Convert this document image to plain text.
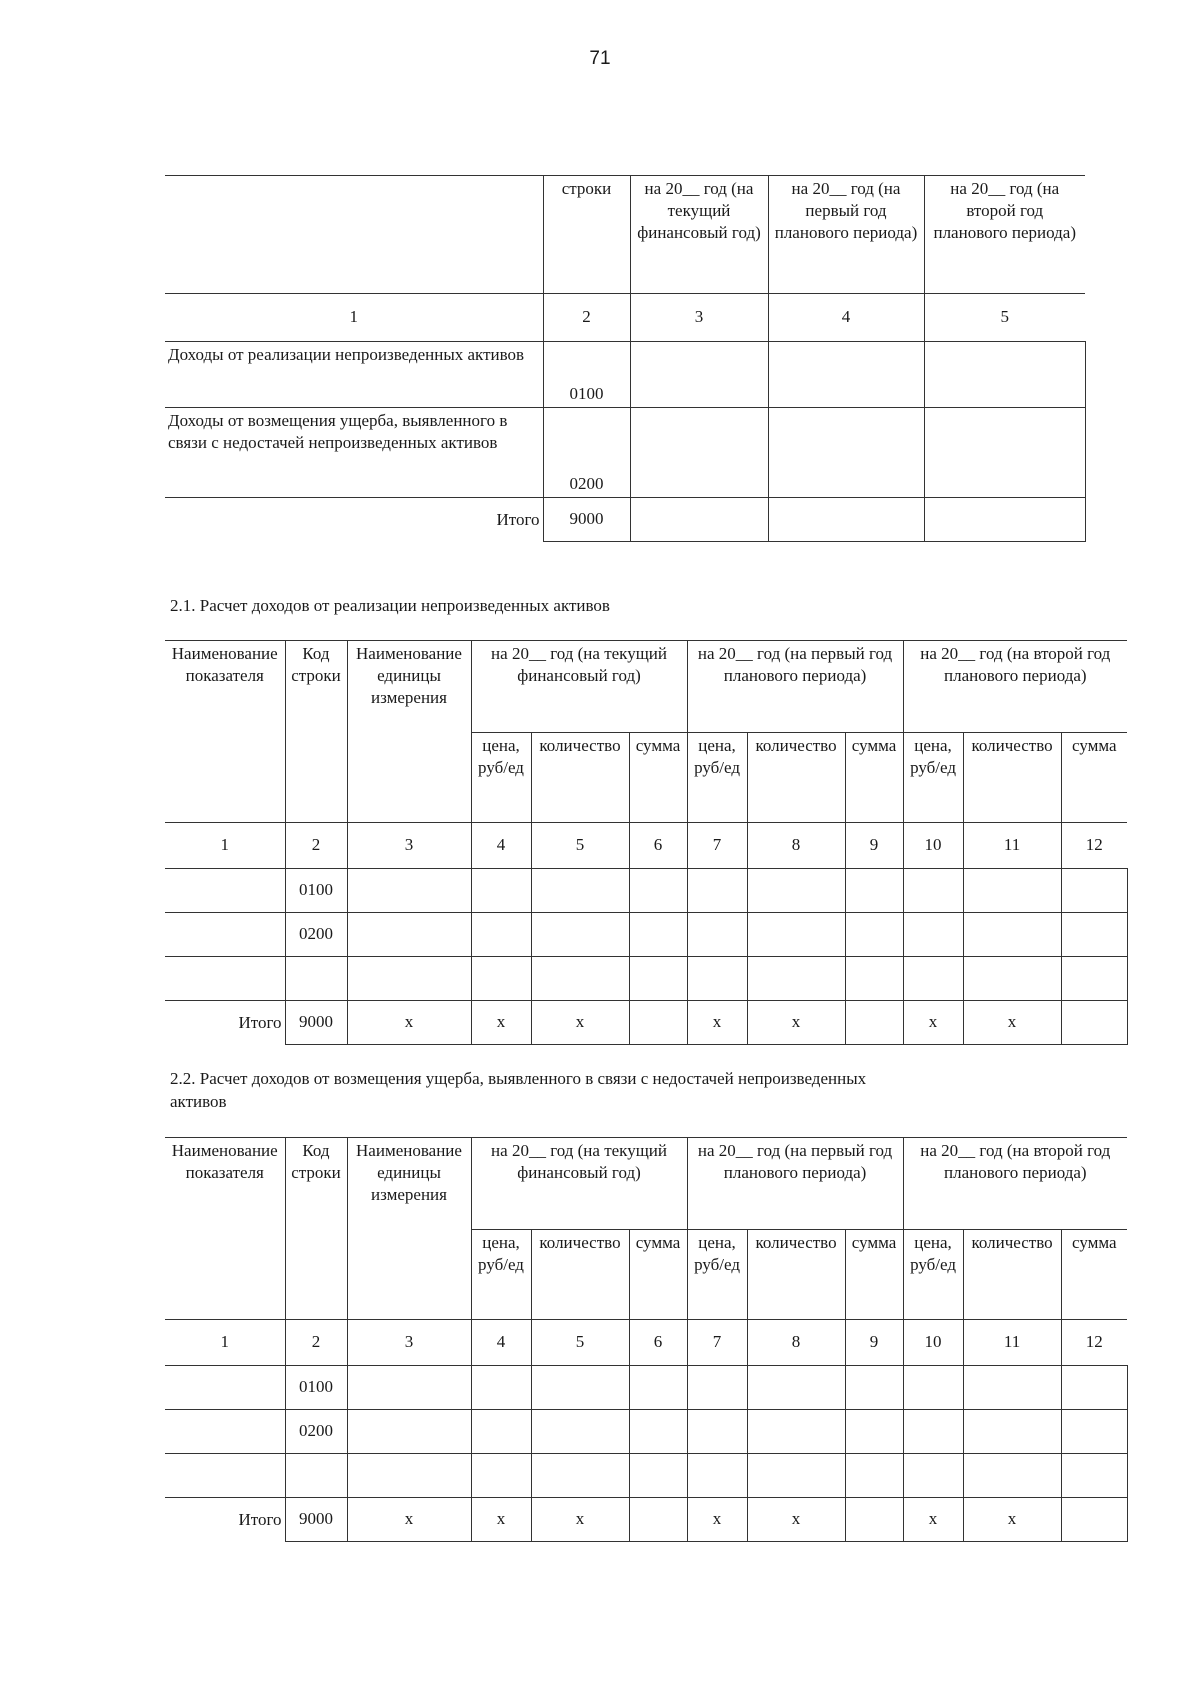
71
	строки	на 20__ год (на текущий финансовый год)	на 20__ год (на первый год планового периода)	на 20__ год (на второй год планового периода)
1	2	3	4	5
Доходы от реализации непроизведенных активов	0100			
Доходы от возмещения ущерба, выявленного в связи с недостачей непроизведенных активов	0200			
Итого	9000			
2.1. Расчет доходов от реализации непроизведенных активов
Наименование показателя	Код строки	Наименование единицы измерения	на 20__ год (на текущий финансовый год)			на 20__ год (на первый год планового периода)			на 20__ год (на второй год планового периода)		
			цена, руб/ед	количество	сумма	цена, руб/ед	количество	сумма	цена, руб/ед	количество	сумма
1	2	3	4	5	6	7	8	9	10	11	12
	0100										
	0200										

Итого	9000	х	х	х		х	х		х	х	
2.2. Расчет доходов от возмещения ущерба, выявленного в связи с недостачей непроизведенных активов
Наименование показателя	Код строки	Наименование единицы измерения	на 20__ год (на текущий финансовый год)			на 20__ год (на первый год планового периода)			на 20__ год (на второй год планового периода)		
			цена, руб/ед	количество	сумма	цена, руб/ед	количество	сумма	цена, руб/ед	количество	сумма
1	2	3	4	5	6	7	8	9	10	11	12
	0100										
	0200										

Итого	9000	х	х	х		х	х		х	х	
